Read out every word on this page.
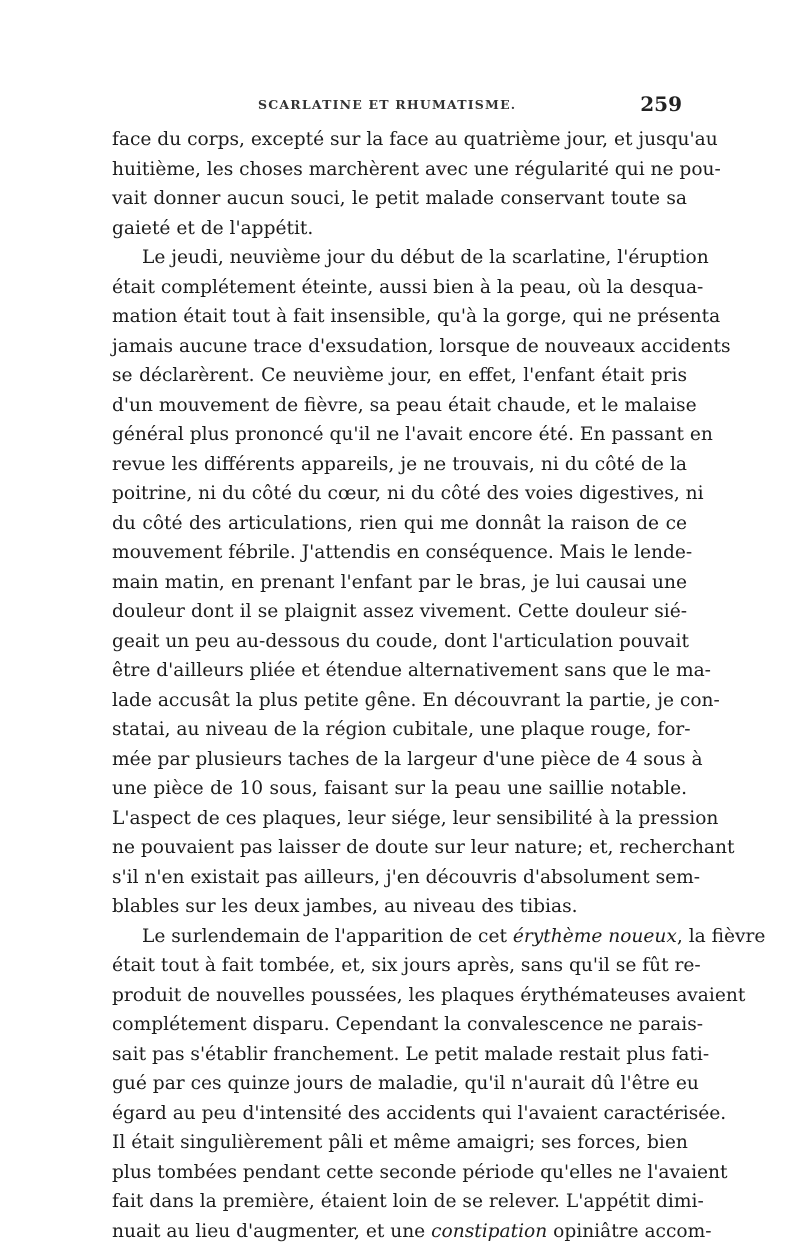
SCARLATINE ET RHUMATISME.	259
face du corps, excepté sur la face au quatrième jour, et jusqu'au
huitième, les choses marchèrent avec une régularité qui ne pou-
vait donner aucun souci, le petit malade conservant toute sa
gaieté et de l'appétit.
Le jeudi, neuvième jour du début de la scarlatine, l'éruption
était complétement éteinte, aussi bien à la peau, où la desqua-
mation était tout à fait insensible, qu'à la gorge, qui ne présenta
jamais aucune trace d'exsudation, lorsque de nouveaux accidents
se déclarèrent. Ce neuvième jour, en effet, l'enfant était pris
d'un mouvement de fièvre, sa peau était chaude, et le malaise
général plus prononcé qu'il ne l'avait encore été. En passant en
revue les différents appareils, je ne trouvais, ni du côté de la
poitrine, ni du côté du cœur, ni du côté des voies digestives, ni
du côté des articulations, rien qui me donnât la raison de ce
mouvement fébrile. J'attendis en conséquence. Mais le lende-
main matin, en prenant l'enfant par le bras, je lui causai une
douleur dont il se plaignit assez vivement. Cette douleur sié-
geait un peu au-dessous du coude, dont l'articulation pouvait
être d'ailleurs pliée et étendue alternativement sans que le ma-
lade accusât la plus petite gêne. En découvrant la partie, je con-
statai, au niveau de la région cubitale, une plaque rouge, for-
mée par plusieurs taches de la largeur d'une pièce de 4 sous à
une pièce de 10 sous, faisant sur la peau une saillie notable.
L'aspect de ces plaques, leur siége, leur sensibilité à la pression
ne pouvaient pas laisser de doute sur leur nature; et, recherchant
s'il n'en existait pas ailleurs, j'en découvris d'absolument sem-
blables sur les deux jambes, au niveau des tibias.
Le surlendemain de l'apparition de cet érythème noueux, la fièvre
était tout à fait tombée, et, six jours après, sans qu'il se fût re-
produit de nouvelles poussées, les plaques érythémateuses avaient
complétement disparu. Cependant la convalescence ne parais-
sait pas s'établir franchement. Le petit malade restait plus fati-
gué par ces quinze jours de maladie, qu'il n'aurait dû l'être eu
égard au peu d'intensité des accidents qui l'avaient caractérisée.
Il était singulièrement pâli et même amaigri; ses forces, bien
plus tombées pendant cette seconde période qu'elles ne l'avaient
fait dans la première, étaient loin de se relever. L'appétit dimi-
nuait au lieu d'augmenter, et une constipation opiniâtre accom-
